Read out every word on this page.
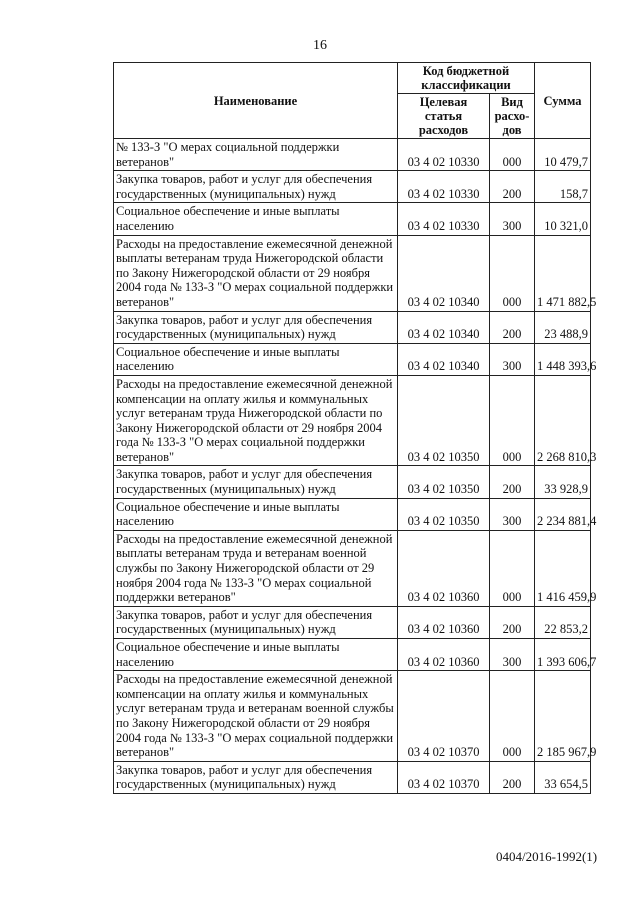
16
Наименование	Код бюджетной классификации		Сумма
	Целевая статья расходов	Вид расхо-дов	
№ 133-З "О мерах социальной поддержки ветеранов"	03 4 02 10330	000	10 479,7
Закупка товаров, работ и услуг для обеспечения государственных (муниципальных) нужд	03 4 02 10330	200	158,7
Социальное обеспечение и иные выплаты населению	03 4 02 10330	300	10 321,0
Расходы на предоставление ежемесячной денежной выплаты ветеранам труда Нижегородской области по Закону Нижегородской области от 29 ноября 2004 года № 133-З "О мерах социальной поддержки ветеранов"	03 4 02 10340	000	1 471 882,5
Закупка товаров, работ и услуг для обеспечения государственных (муниципальных) нужд	03 4 02 10340	200	23 488,9
Социальное обеспечение и иные выплаты населению	03 4 02 10340	300	1 448 393,6
Расходы на предоставление ежемесячной денежной компенсации на оплату жилья и коммунальных услуг ветеранам труда Нижегородской области по Закону Нижегородской области от 29 ноября 2004 года № 133-З "О мерах социальной поддержки ветеранов"	03 4 02 10350	000	2 268 810,3
Закупка товаров, работ и услуг для обеспечения государственных (муниципальных) нужд	03 4 02 10350	200	33 928,9
Социальное обеспечение и иные выплаты населению	03 4 02 10350	300	2 234 881,4
Расходы на предоставление ежемесячной денежной выплаты ветеранам труда и ветеранам военной службы по Закону Нижегородской области от 29 ноября 2004 года № 133-З "О мерах социальной поддержки ветеранов"	03 4 02 10360	000	1 416 459,9
Закупка товаров, работ и услуг для обеспечения государственных (муниципальных) нужд	03 4 02 10360	200	22 853,2
Социальное обеспечение и иные выплаты населению	03 4 02 10360	300	1 393 606,7
Расходы на предоставление ежемесячной денежной компенсации на оплату жилья и коммунальных услуг ветеранам труда и ветеранам военной службы по Закону Нижегородской области от 29 ноября 2004 года № 133-З "О мерах социальной поддержки ветеранов"	03 4 02 10370	000	2 185 967,9
Закупка товаров, работ и услуг для обеспечения государственных (муниципальных) нужд	03 4 02 10370	200	33 654,5
0404/2016-1992(1)
